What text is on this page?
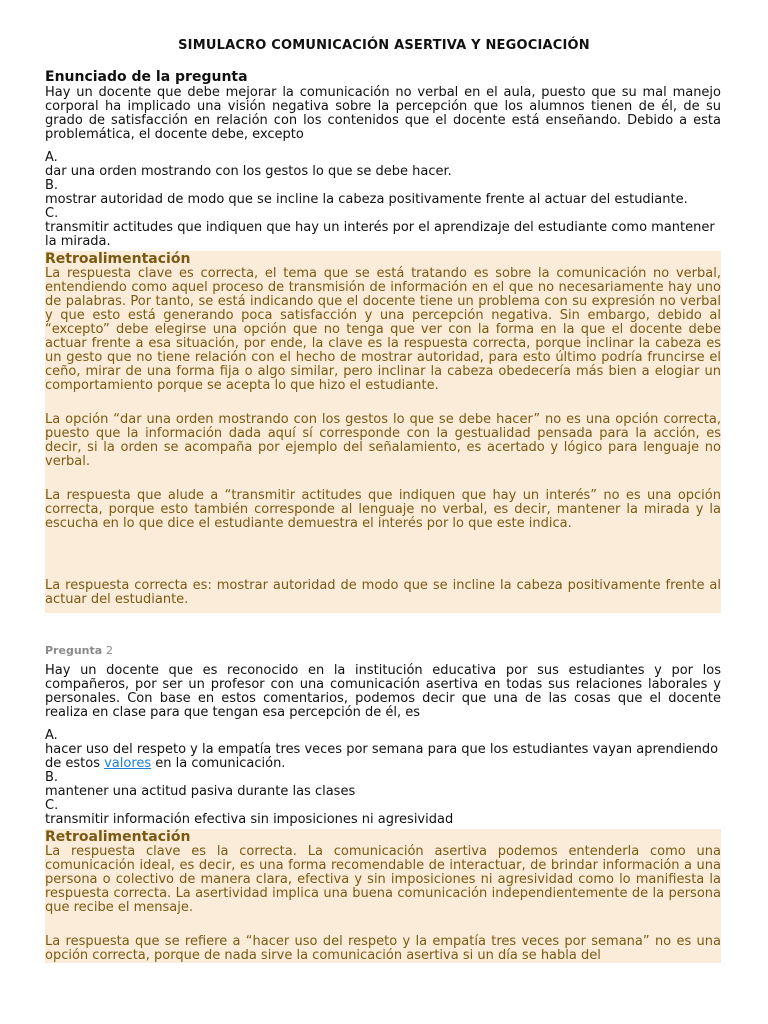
SIMULACRO COMUNICACIÓN ASERTIVA Y NEGOCIACIÓN
Enunciado de la pregunta

Hay un docente que debe mejorar la comunicación no verbal en el aula, puesto que su mal manejo corporal ha implicado una visión negativa sobre la percepción que los alumnos tienen de él, de su grado de satisfacción en relación con los contenidos que el docente está enseñando. Debido a esta problemática, el docente debe, excepto

A.
dar una orden mostrando con los gestos lo que se debe hacer.
B.
mostrar autoridad de modo que se incline la cabeza positivamente frente al actuar del estudiante.
C.
transmitir actitudes que indiquen que hay un interés por el aprendizaje del estudiante como mantener la mirada.
Retroalimentación

La respuesta clave es correcta, el tema que se está tratando es sobre la comunicación no verbal, entendiendo como aquel proceso de transmisión de información en el que no necesariamente hay uno de palabras. Por tanto, se está indicando que el docente tiene un problema con su expresión no verbal y que esto está generando poca satisfacción y una percepción negativa. Sin embargo, debido al “excepto” debe elegirse una opción que no tenga que ver con la forma en la que el docente debe actuar frente a esa situación, por ende, la clave es la respuesta correcta, porque inclinar la cabeza es un gesto que no tiene relación con el hecho de mostrar autoridad, para esto último podría fruncirse el ceño, mirar de una forma fija o algo similar, pero inclinar la cabeza obedecería más bien a elogiar un comportamiento porque se acepta lo que hizo el estudiante.

La opción “dar una orden mostrando con los gestos lo que se debe hacer” no es una opción correcta, puesto que la información dada aquí sí corresponde con la gestualidad pensada para la acción, es decir, si la orden se acompaña por ejemplo del señalamiento, es acertado y lógico para lenguaje no verbal.

La respuesta que alude a “transmitir actitudes que indiquen que hay un interés” no es una opción correcta, porque esto también corresponde al lenguaje no verbal, es decir, mantener la mirada y la escucha en lo que dice el estudiante demuestra el interés por lo que este indica.

La respuesta correcta es: mostrar autoridad de modo que se incline la cabeza positivamente frente al actuar del estudiante.

Pregunta 2

Hay un docente que es reconocido en la institución educativa por sus estudiantes y por los compañeros, por ser un profesor con una comunicación asertiva en todas sus relaciones laborales y personales. Con base en estos comentarios, podemos decir que una de las cosas que el docente realiza en clase para que tengan esa percepción de él, es

A.
hacer uso del respeto y la empatía tres veces por semana para que los estudiantes vayan aprendiendo de estos valores en la comunicación.
B.
mantener una actitud pasiva durante las clases
C.
transmitir información efectiva sin imposiciones ni agresividad
Retroalimentación

La respuesta clave es la correcta. La comunicación asertiva podemos entenderla como una comunicación ideal, es decir, es una forma recomendable de interactuar, de brindar información a una persona o colectivo de manera clara, efectiva y sin imposiciones ni agresividad como lo manifiesta la respuesta correcta. La asertividad implica una buena comunicación independientemente de la persona que recibe el mensaje.

La respuesta que se refiere a “hacer uso del respeto y la empatía tres veces por semana” no es una opción correcta, porque de nada sirve la comunicación asertiva si un día se habla del
